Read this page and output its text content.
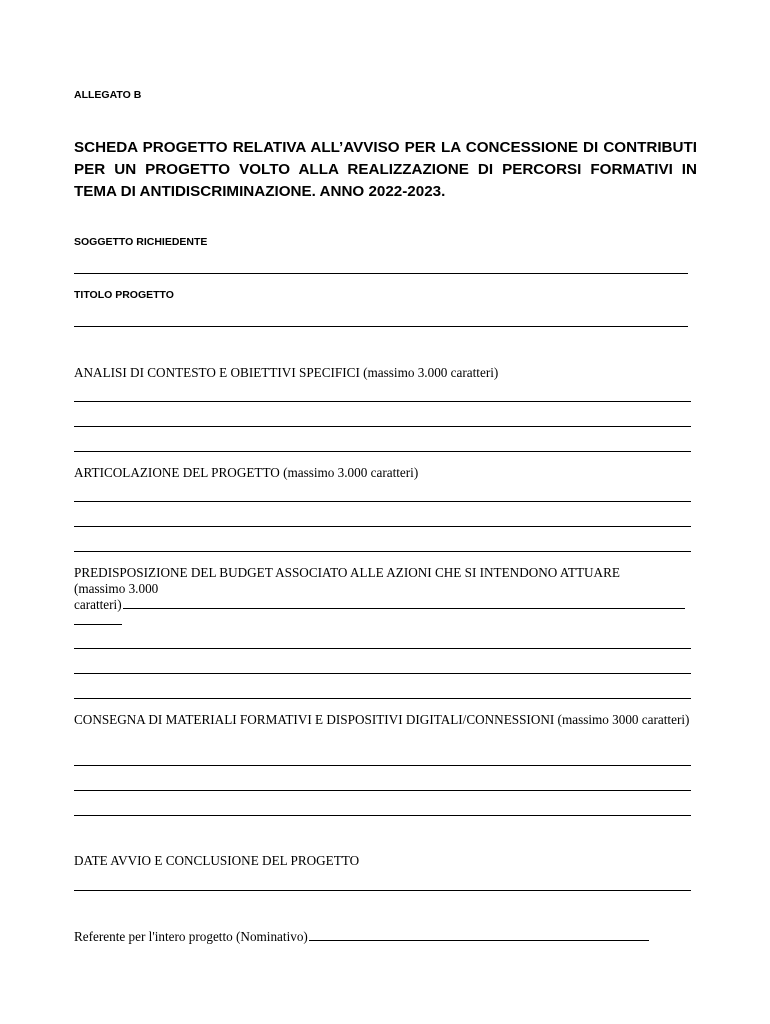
ALLEGATO B
SCHEDA PROGETTO RELATIVA ALL’AVVISO PER LA CONCESSIONE DI CONTRIBUTI PER UN PROGETTO VOLTO ALLA REALIZZAZIONE DI PERCORSI FORMATIVI IN TEMA DI ANTIDISCRIMINAZIONE. ANNO 2022-2023.
SOGGETTO RICHIEDENTE
TITOLO PROGETTO
ANALISI DI CONTESTO E OBIETTIVI SPECIFICI (massimo 3.000 caratteri)
ARTICOLAZIONE DEL PROGETTO (massimo 3.000 caratteri)
PREDISPOSIZIONE DEL BUDGET ASSOCIATO ALLE AZIONI CHE SI INTENDONO ATTUARE
(massimo 3.000
caratteri)
CONSEGNA DI MATERIALI FORMATIVI E DISPOSITIVI DIGITALI/CONNESSIONI (massimo 3000 caratteri)
DATE AVVIO E CONCLUSIONE DEL PROGETTO
Referente per l'intero progetto (Nominativo)
